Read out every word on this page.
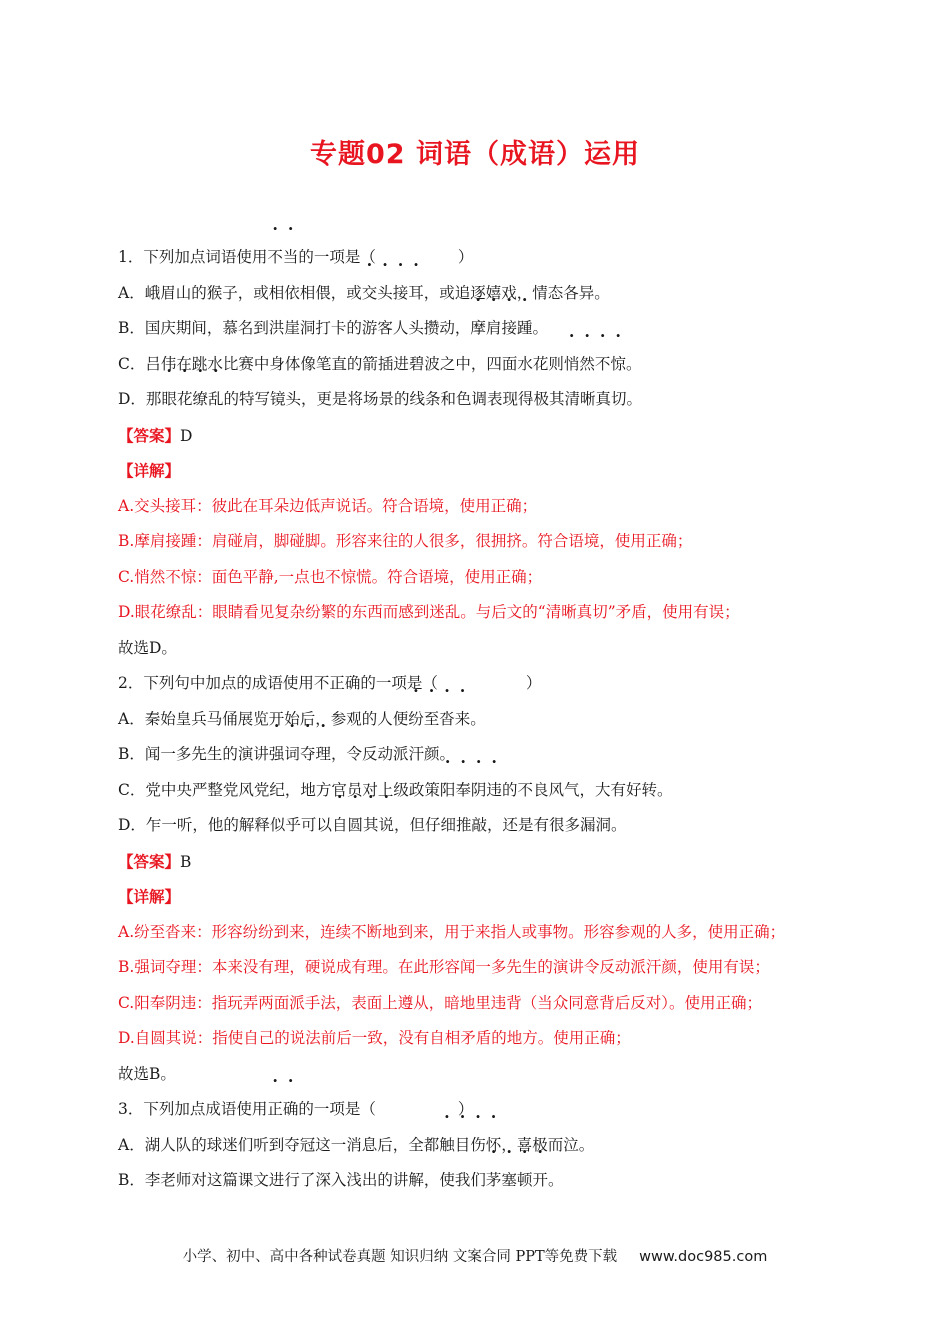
专题02 词语（成语）运用
1．下列加点词语使用不当的一项是（	）
A．峨眉山的猴子，或相依相偎，或交头接耳，或追逐嬉戏，情态各异。
B．国庆期间，慕名到洪崖洞打卡的游客人头攒动，摩肩接踵。
C．吕伟在跳水比赛中身体像笔直的箭插进碧波之中，四面水花则悄然不惊。
D．那眼花缭乱的特写镜头，更是将场景的线条和色调表现得极其清晰真切。
【答案】D
【详解】
A.交头接耳：彼此在耳朵边低声说话。符合语境，使用正确；
B.摩肩接踵：肩碰肩，脚碰脚。形容来往的人很多，很拥挤。符合语境，使用正确；
C.悄然不惊：面色平静,一点也不惊慌。符合语境，使用正确；
D.眼花缭乱：眼睛看见复杂纷繁的东西而感到迷乱。与后文的“清晰真切”矛盾，使用有误；
故选D。
2．下列句中加点的成语使用不正确的一项是（	）
A．秦始皇兵马俑展览开始后，参观的人便纷至沓来。
B．闻一多先生的演讲强词夺理，令反动派汗颜。
C．党中央严整党风党纪，地方官员对上级政策阳奉阴违的不良风气，大有好转。
D．乍一听，他的解释似乎可以自圆其说，但仔细推敲，还是有很多漏洞。
【答案】B
【详解】
A.纷至沓来：形容纷纷到来，连续不断地到来，用于来指人或事物。形容参观的人多，使用正确；
B.强词夺理：本来没有理，硬说成有理。在此形容闻一多先生的演讲令反动派汗颜，使用有误；
C.阳奉阴违：指玩弄两面派手法，表面上遵从，暗地里违背（当众同意背后反对）。使用正确；
D.自圆其说：指使自己的说法前后一致，没有自相矛盾的地方。使用正确；
故选B。
3．下列加点成语使用正确的一项是（	）
A．湖人队的球迷们听到夺冠这一消息后，全都触目伤怀，喜极而泣。
B．李老师对这篇课文进行了深入浅出的讲解，使我们茅塞顿开。
小学、初中、高中各种试卷真题 知识归纳 文案合同 PPT等免费下载 www.doc985.com
